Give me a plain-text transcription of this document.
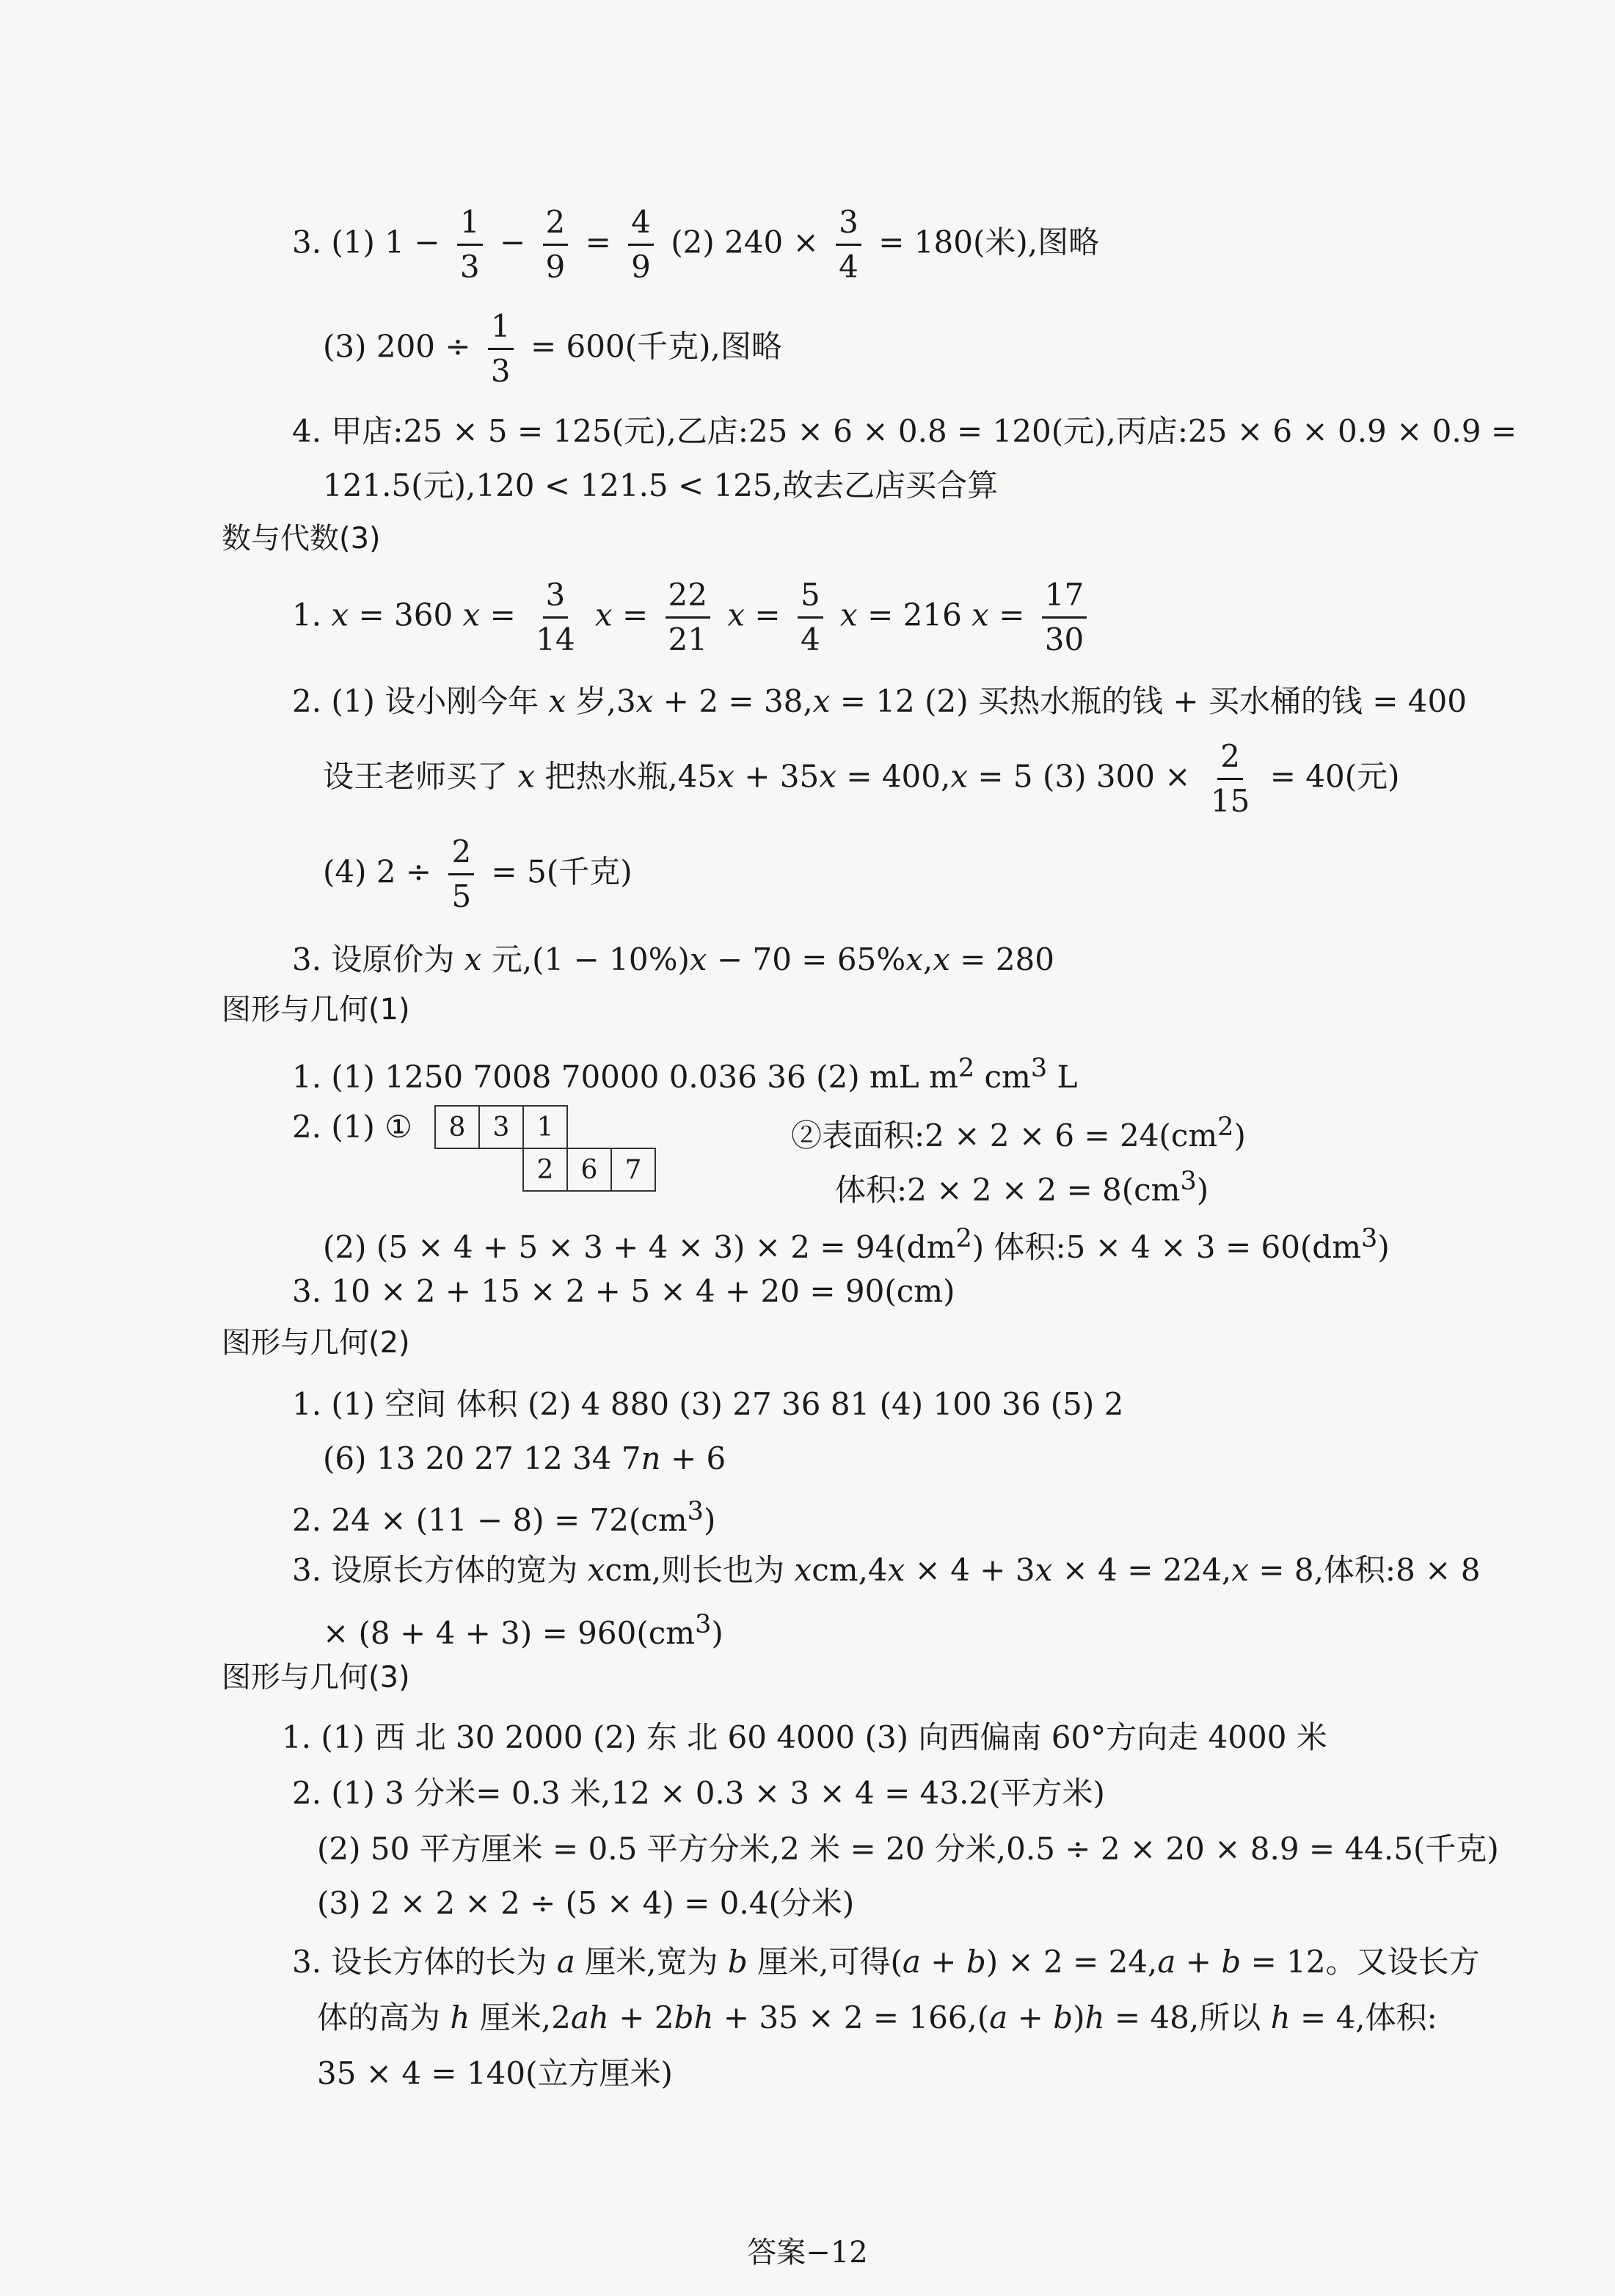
3. (1) $1 - \frac{1}{3} - \frac{2}{9} = \frac{4}{9} (2) 240 \times \frac{3}{4} = 180$(米),图略
(3) $200 \div \frac{1}{3} = 600$(千克),图略
4. 甲店:25 × 5 = 125(元),乙店:25 × 6 × 0.8 = 120(元),丙店:25 × 6 × 0.9 × 0.9 =
121.5(元),120 < 121.5 < 125,故去乙店买合算
数与代数(3)
1. x = 360 $x = \frac{3}{14}$ $x = \frac{22}{21}$ $x = \frac{5}{4}$ x = 216 $x = \frac{17}{30}$
2. (1) 设小刚今年 x 岁,3x + 2 = 38,x = 12 (2) 买热水瓶的钱 + 买水桶的钱 = 400
设王老师买了 x 把热水瓶,45x + 35x = 400,x = 5 (3) $300 \times \frac{2}{15} = 40$(元)
(4) $2 \div \frac{2}{5} = 5$(千克)
3. 设原价为 x 元,(1 − 10%)x − 70 = 65%x,x = 280
图形与几何(1)
1. (1) 1250 7008 70000 0.036 36 (2) mL $m^2$ $cm^3$ L
2. (1) ① 8	3	1		
		2	6	7
②表面积:2 × $2 \times 6 = 24(cm^2)$
体积:2 × $2 \times 2 = 8(cm^3)$
(2) $(5 \times 4 + 5 \times 3 + 4 \times 3) \times 2 = 94(dm^2)$ 体积:5 × $4 \times 3 = 60(dm^3)$
3. 10 × 2 + 15 × 2 + 5 × 4 + 20 = 90(cm)
图形与几何(2)
1. (1) 空间 体积 (2) 4 880 (3) 27 36 81 (4) 100 36 (5) 2
(6) 13 20 27 12 34 7n + 6
2. $24 \times (11 - 8) = 72(cm^3)$
3. 设原长方体的宽为 xcm,则长也为 xcm,4x × 4 + 3x × 4 = 224,x = 8,体积:8 × 8
× $(8 + 4 + 3) = 960(cm^3)$
图形与几何(3)
1. (1) 西 北 30 2000 (2) 东 北 60 4000 (3) 向西偏南 60°方向走 4000 米
2. (1) 3 分米= 0.3 米,12 × 0.3 × 3 × 4 = 43.2(平方米)
(2) 50 平方厘米 = 0.5 平方分米,2 米 = 20 分米,0.5 ÷ 2 × 20 × 8.9 = 44.5(千克)
(3) 2 × 2 × 2 ÷ (5 × 4) = 0.4(分米)
3. 设长方体的长为 a 厘米,宽为 b 厘米,可得(a + b) × 2 = 24,a + b = 12。又设长方
体的高为 h 厘米,2ah + 2bh + 35 × 2 = 166,(a + b)h = 48,所以 h = 4,体积:
35 × 4 = 140(立方厘米)
答案−12
